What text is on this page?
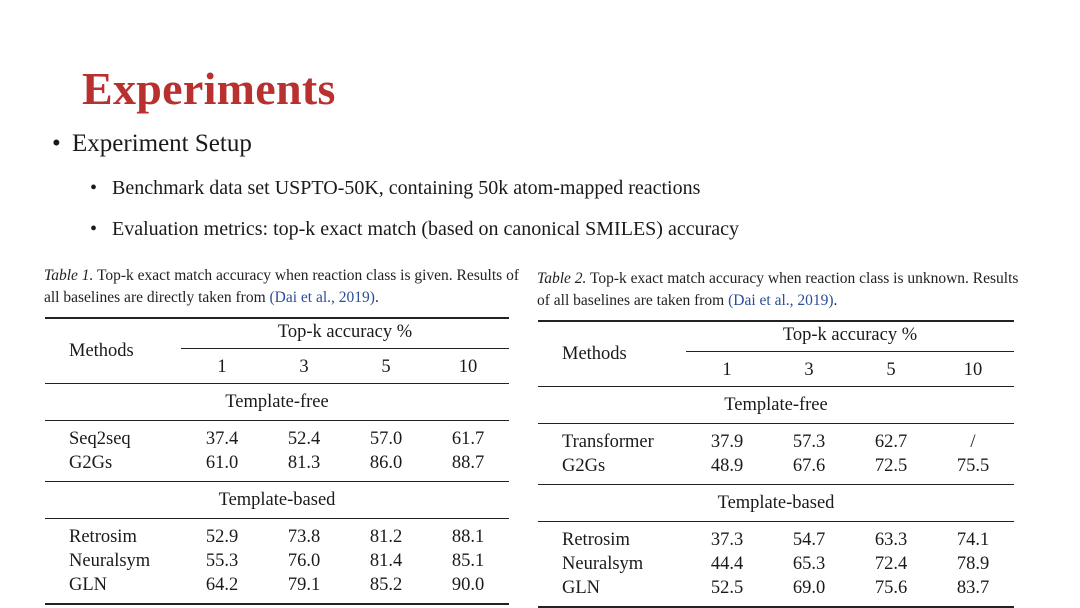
Experiments
• Experiment Setup
• Benchmark data set USPTO-50K, containing 50k atom-mapped reactions
• Evaluation metrics: top-k exact match (based on canonical SMILES) accuracy
Table 1. Top-k exact match accuracy when reaction class is given. Results of all baselines are directly taken from (Dai et al., 2019).
Table 2. Top-k exact match accuracy when reaction class is unknown. Results of all baselines are taken from (Dai et al., 2019).
Methods	Top-k accuracy %			
	1	3	5	10
Template-free				
Seq2seq	37.4	52.4	57.0	61.7
G2Gs	61.0	81.3	86.0	88.7
Template-based				
Retrosim	52.9	73.8	81.2	88.1
Neuralsym	55.3	76.0	81.4	85.1
GLN	64.2	79.1	85.2	90.0
Methods	Top-k accuracy %			
	1	3	5	10
Template-free				
Transformer	37.9	57.3	62.7	/
G2Gs	48.9	67.6	72.5	75.5
Template-based				
Retrosim	37.3	54.7	63.3	74.1
Neuralsym	44.4	65.3	72.4	78.9
GLN	52.5	69.0	75.6	83.7
